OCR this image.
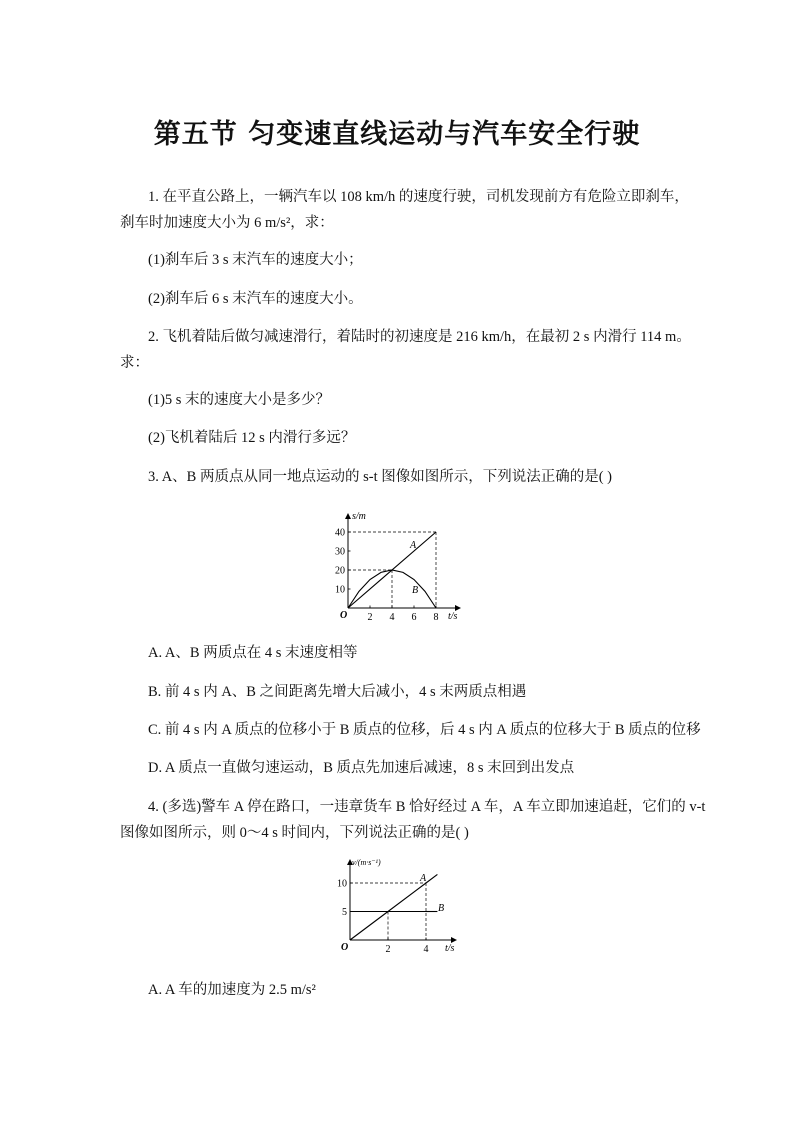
第五节 匀变速直线运动与汽车安全行驶
1. 在平直公路上，一辆汽车以 108 km/h 的速度行驶，司机发现前方有危险立即刹车，
刹车时加速度大小为 6 m/s²，求：
(1)刹车后 3 s 末汽车的速度大小；
(2)刹车后 6 s 末汽车的速度大小。
2. 飞机着陆后做匀减速滑行，着陆时的初速度是 216 km/h，在最初 2 s 内滑行 114 m。
求：
(1)5 s 末的速度大小是多少？
(2)飞机着陆后 12 s 内滑行多远？
3. A、B 两质点从同一地点运动的 s-t 图像如图所示，下列说法正确的是( )
s/m
t/s
O
10
20
30
40
2 4 6 8
A
B
A. A、B 两质点在 4 s 末速度相等
B. 前 4 s 内 A、B 之间距离先增大后减小，4 s 末两质点相遇
C. 前 4 s 内 A 质点的位移小于 B 质点的位移，后 4 s 内 A 质点的位移大于 B 质点的位移
D. A 质点一直做匀速运动，B 质点先加速后减速，8 s 末回到出发点
4. (多选)警车 A 停在路口，一违章货车 B 恰好经过 A 车，A 车立即加速追赶，它们的 v-t
图像如图所示，则 0～4 s 时间内，下列说法正确的是( )
v/(m·s⁻¹)
t/s
O
5
10
2	4
A
B
A. A 车的加速度为 2.5 m/s²
